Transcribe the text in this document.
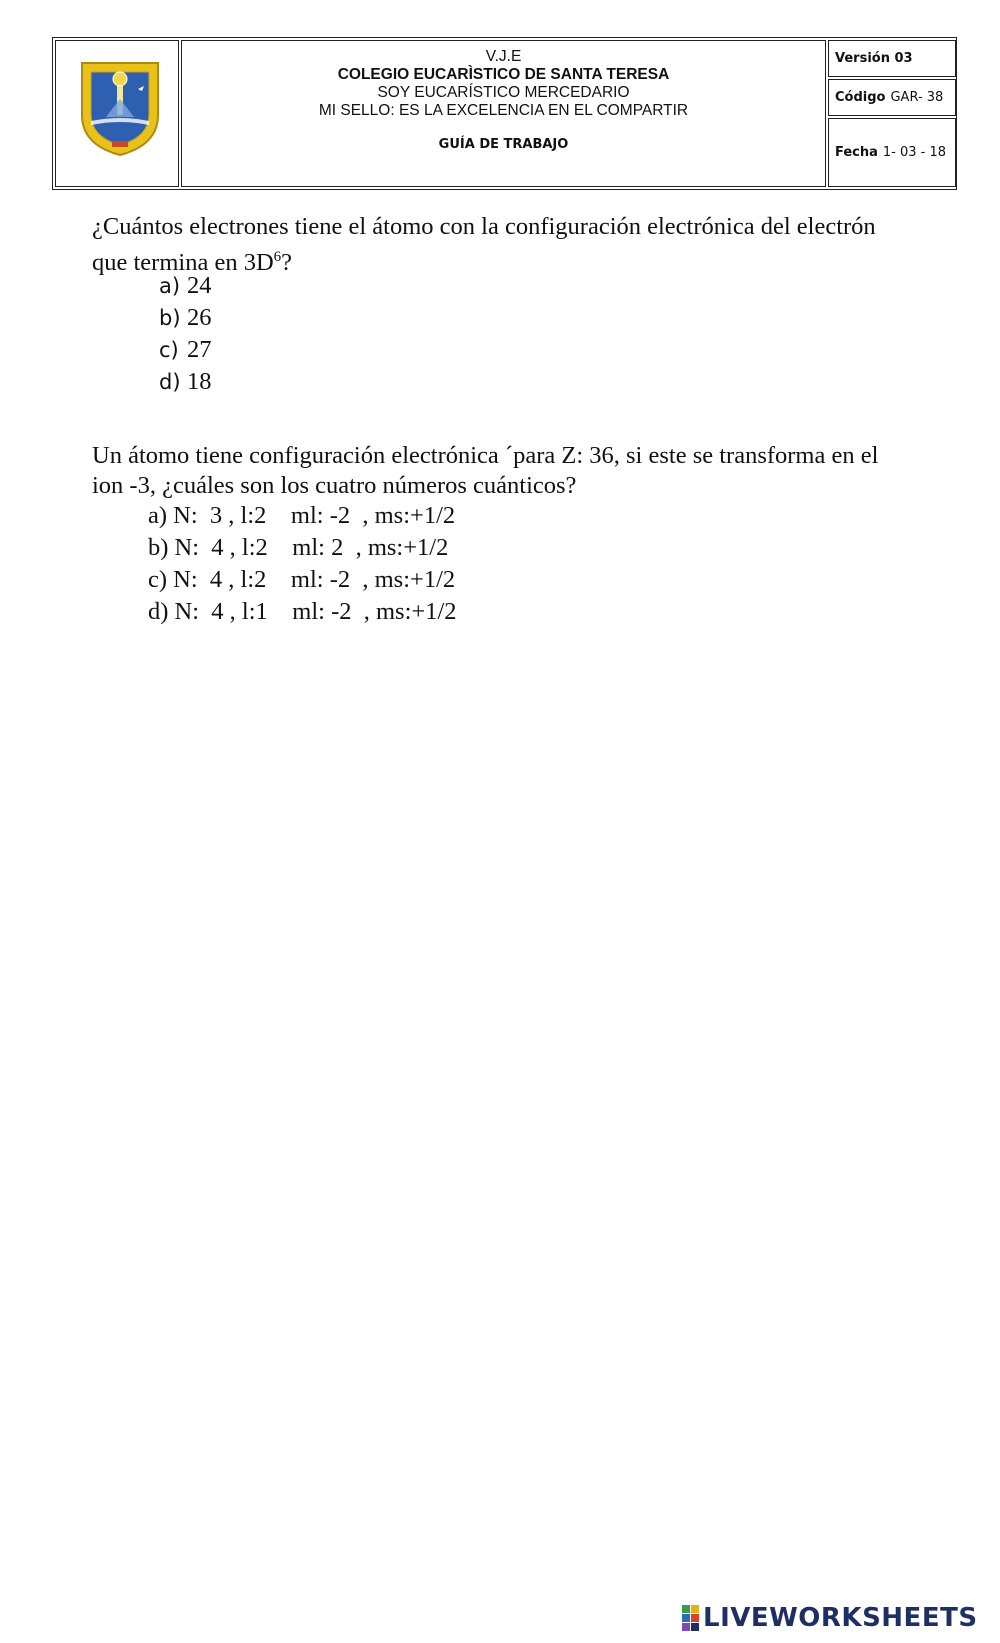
V.J.E
COLEGIO EUCARÌSTICO DE SANTA TERESA
SOY EUCARÍSTICO MERCEDARIO
MI SELLO: ES LA EXCELENCIA EN EL COMPARTIR
GUÍA DE TRABAJO
Versión 03
Código GAR- 38
Fecha 1- 03 - 18
¿Cuántos electrones tiene el átomo con la configuración electrónica del electrón que termina en $3D^6$?
a) 24
b) 26
c) 27
d) 18
Un átomo tiene configuración electrónica ´para Z: 36, si este se transforma en el ion -3, ¿cuáles son los cuatro números cuánticos?
a) N:  3 , l:2    ml: -2  , ms:+1/2
b) N:  4 , l:2    ml: 2  , ms:+1/2
c) N:  4 , l:2    ml: -2  , ms:+1/2
d) N:  4 , l:1    ml: -2  , ms:+1/2
LIVEWORKSHEETS
